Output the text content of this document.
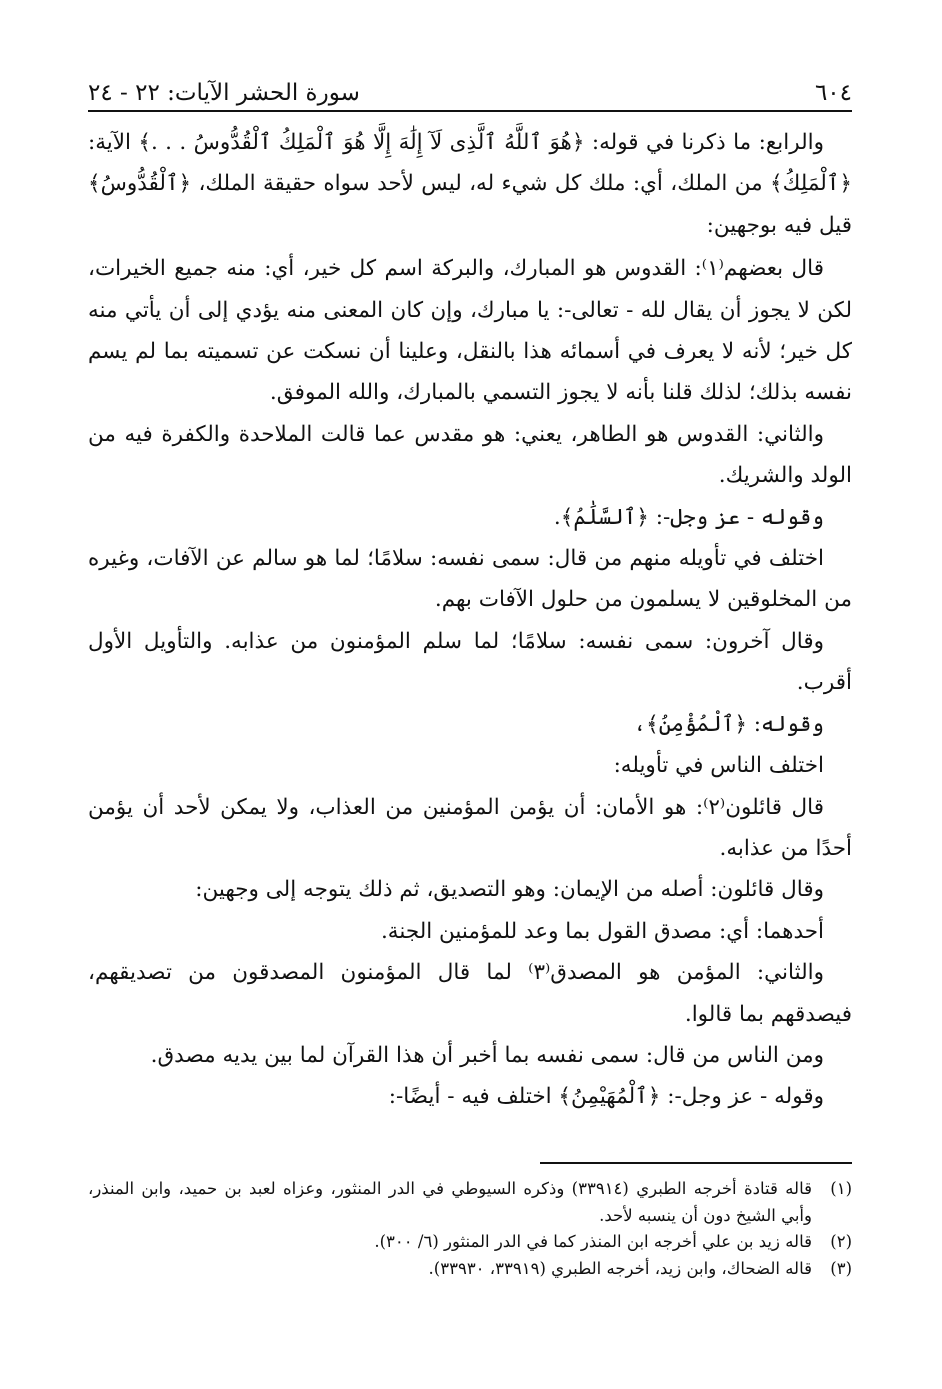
٦٠٤
سورة الحشر الآيات: ٢٢ - ٢٤

والرابع: ما ذكرنا في قوله: ﴿هُوَ ٱللَّهُ ٱلَّذِى لَآ إِلَٰهَ إِلَّا هُوَ ٱلْمَلِكُ ٱلْقُدُّوسُ . . .﴾ الآية: ﴿ٱلْمَلِكُ﴾ من الملك، أي: ملك كل شيء له، ليس لأحد سواه حقيقة الملك، ﴿ٱلْقُدُّوسُ﴾ قيل فيه بوجهين:

قال بعضهم⁽١⁾: القدوس هو المبارك، والبركة اسم كل خير، أي: منه جميع الخيرات، لكن لا يجوز أن يقال لله - تعالى-: يا مبارك، وإن كان المعنى منه يؤدي إلى أن يأتي منه كل خير؛ لأنه لا يعرف في أسمائه هذا بالنقل، وعلينا أن نسكت عن تسميته بما لم يسم نفسه بذلك؛ لذلك قلنا بأنه لا يجوز التسمي بالمبارك، والله الموفق.

والثاني: القدوس هو الطاهر، يعني: هو مقدس عما قالت الملاحدة والكفرة فيه من الولد والشريك.

وقوله - عز وجل-: ﴿ٱلسَّلَٰمُ﴾.

اختلف في تأويله منهم من قال: سمى نفسه: سلامًا؛ لما هو سالم عن الآفات، وغيره من المخلوقين لا يسلمون من حلول الآفات بهم.

وقال آخرون: سمى نفسه: سلامًا؛ لما سلم المؤمنون من عذابه. والتأويل الأول أقرب.

وقوله: ﴿ٱلْمُؤْمِنُ﴾،

اختلف الناس في تأويله:

قال قائلون⁽٢⁾: هو الأمان: أن يؤمن المؤمنين من العذاب، ولا يمكن لأحد أن يؤمن أحدًا من عذابه.

وقال قائلون: أصله من الإيمان: وهو التصديق، ثم ذلك يتوجه إلى وجهين:

أحدهما: أي: مصدق القول بما وعد للمؤمنين الجنة.

والثاني: المؤمن هو المصدق⁽٣⁾ لما قال المؤمنون المصدقون من تصديقهم، فيصدقهم بما قالوا.

ومن الناس من قال: سمى نفسه بما أخبر أن هذا القرآن لما بين يديه مصدق.

وقوله - عز وجل-: ﴿ٱلْمُهَيْمِنُ﴾ اختلف فيه - أيضًا-:

(١)
قاله قتادة أخرجه الطبري (٣٣٩١٤) وذكره السيوطي في الدر المنثور، وعزاه لعبد بن حميد، وابن المنذر، وأبي الشيخ دون أن ينسبه لأحد.
(٢)
قاله زيد بن علي أخرجه ابن المنذر كما في الدر المنثور (٦/ ٣٠٠).
(٣)
قاله الضحاك، وابن زيد، أخرجه الطبري (٣٣٩١٩، ٣٣٩٣٠).
